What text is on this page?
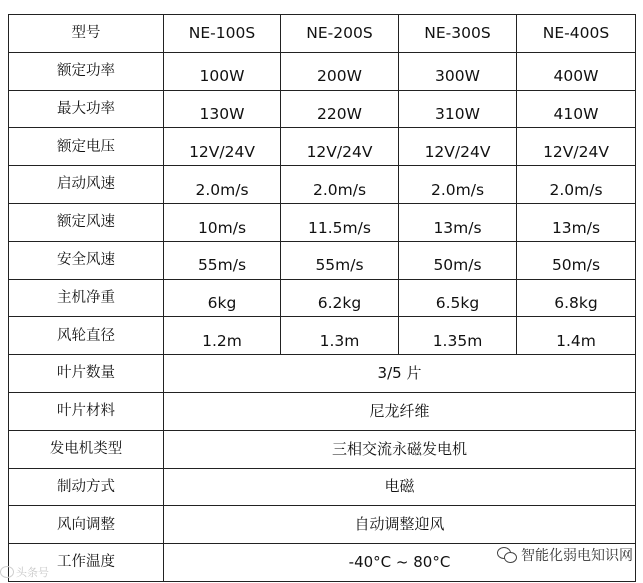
型号	NE-100S	NE-200S	NE-300S	NE-400S
额定功率	100W	200W	300W	400W
最大功率	130W	220W	310W	410W
额定电压	12V/24V	12V/24V	12V/24V	12V/24V
启动风速	2.0m/s	2.0m/s	2.0m/s	2.0m/s
额定风速	10m/s	11.5m/s	13m/s	13m/s
安全风速	55m/s	55m/s	50m/s	50m/s
主机净重	6kg	6.2kg	6.5kg	6.8kg
风轮直径	1.2m	1.3m	1.35m	1.4m
叶片数量	3/5 片			
叶片材料	尼龙纤维			
发电机类型	三相交流永磁发电机			
制动方式	电磁			
风向调整	自动调整迎风			
工作温度	-40°C ~ 80°C				智能化弱电知识网
头条号
